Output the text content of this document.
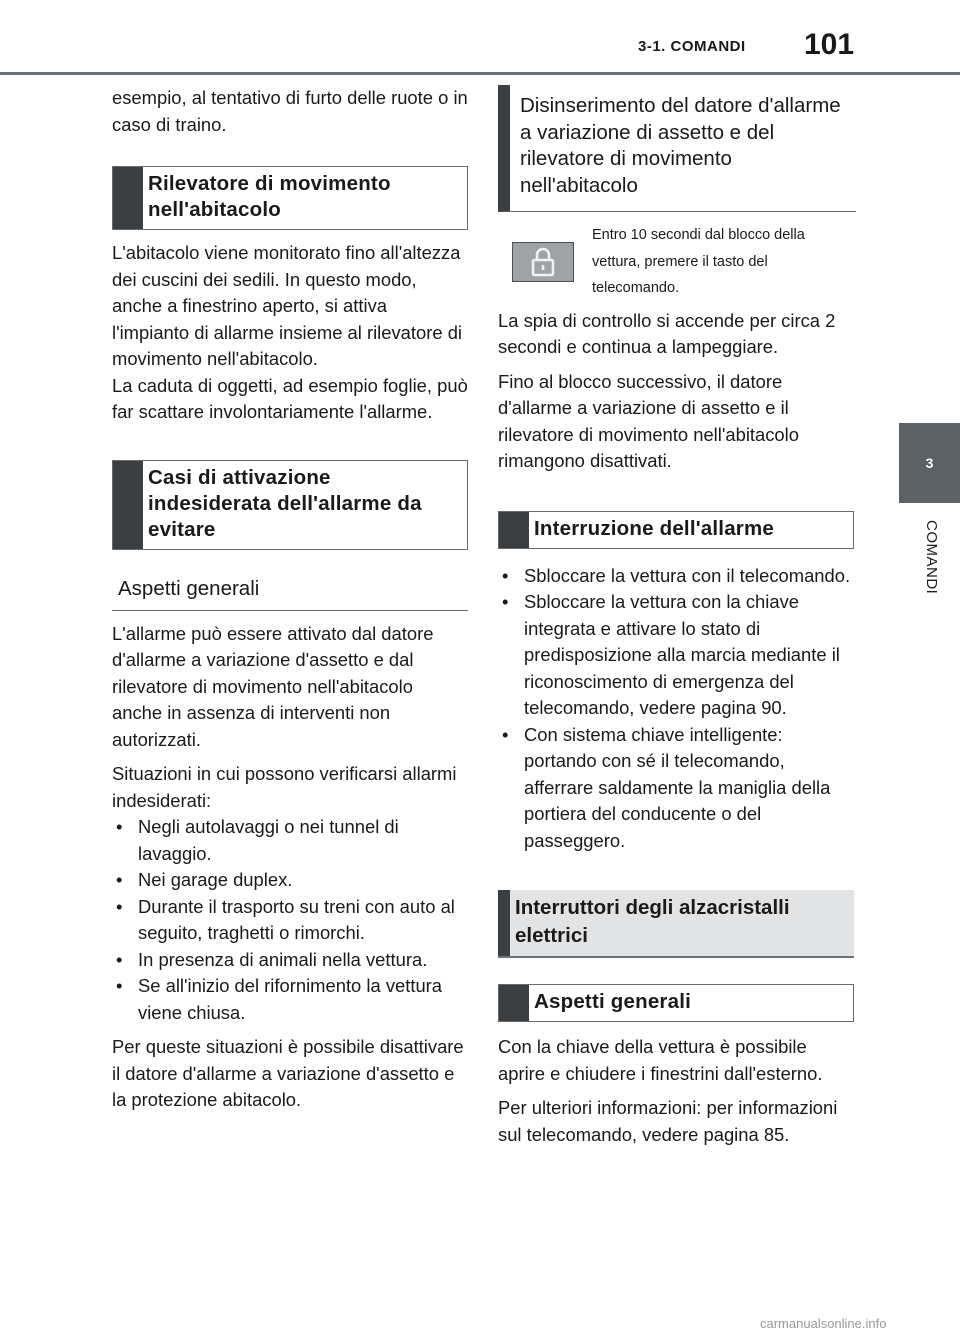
3-1. COMANDI 101
3
COMANDI

esempio, al tentativo di furto delle ruote o in caso di traino.

Rilevatore di movimento nell'abitacolo

L'abitacolo viene monitorato fino all'altezza dei cuscini dei sedili. In questo modo, anche a finestrino aperto, si attiva l'impianto di allarme insieme al rilevatore di movimento nell'abitacolo.

La caduta di oggetti, ad esempio foglie, può far scattare involontariamente l'allarme.

Casi di attivazione indesiderata dell'allarme da evitare
Aspetti generali

L'allarme può essere attivato dal datore d'allarme a variazione d'assetto e dal rilevatore di movimento nell'abitacolo anche in assenza di interventi non autorizzati.

Situazioni in cui possono verificarsi allarmi indesiderati:

• Negli autolavaggi o nei tunnel di lavaggio.
• Nei garage duplex.
• Durante il trasporto su treni con auto al seguito, traghetti o rimorchi.
• In presenza di animali nella vettura.
• Se all'inizio del rifornimento la vettura viene chiusa.

Per queste situazioni è possibile disattivare il datore d'allarme a variazione d'assetto e la protezione abitacolo.

Disinserimento del datore d'allarme a variazione di assetto e del rilevatore di movimento nell'abitacolo
Entro 10 secondi dal blocco della vettura, premere il tasto del telecomando.

La spia di controllo si accende per circa 2 secondi e continua a lampeggiare.

Fino al blocco successivo, il datore d'allarme a variazione di assetto e il rilevatore di movimento nell'abitacolo rimangono disattivati.

Interruzione dell'allarme
• Sbloccare la vettura con il telecomando.
• Sbloccare la vettura con la chiave integrata e attivare lo stato di predisposizione alla marcia mediante il riconoscimento di emergenza del telecomando, vedere pagina 90.
• Con sistema chiave intelligente: portando con sé il telecomando, afferrare saldamente la maniglia della portiera del conducente o del passeggero.
Interruttori degli alzacristalli elettrici
Aspetti generali

Con la chiave della vettura è possibile aprire e chiudere i finestrini dall'esterno.

Per ulteriori informazioni: per informazioni sul telecomando, vedere pagina 85.

carmanualsonline.info
